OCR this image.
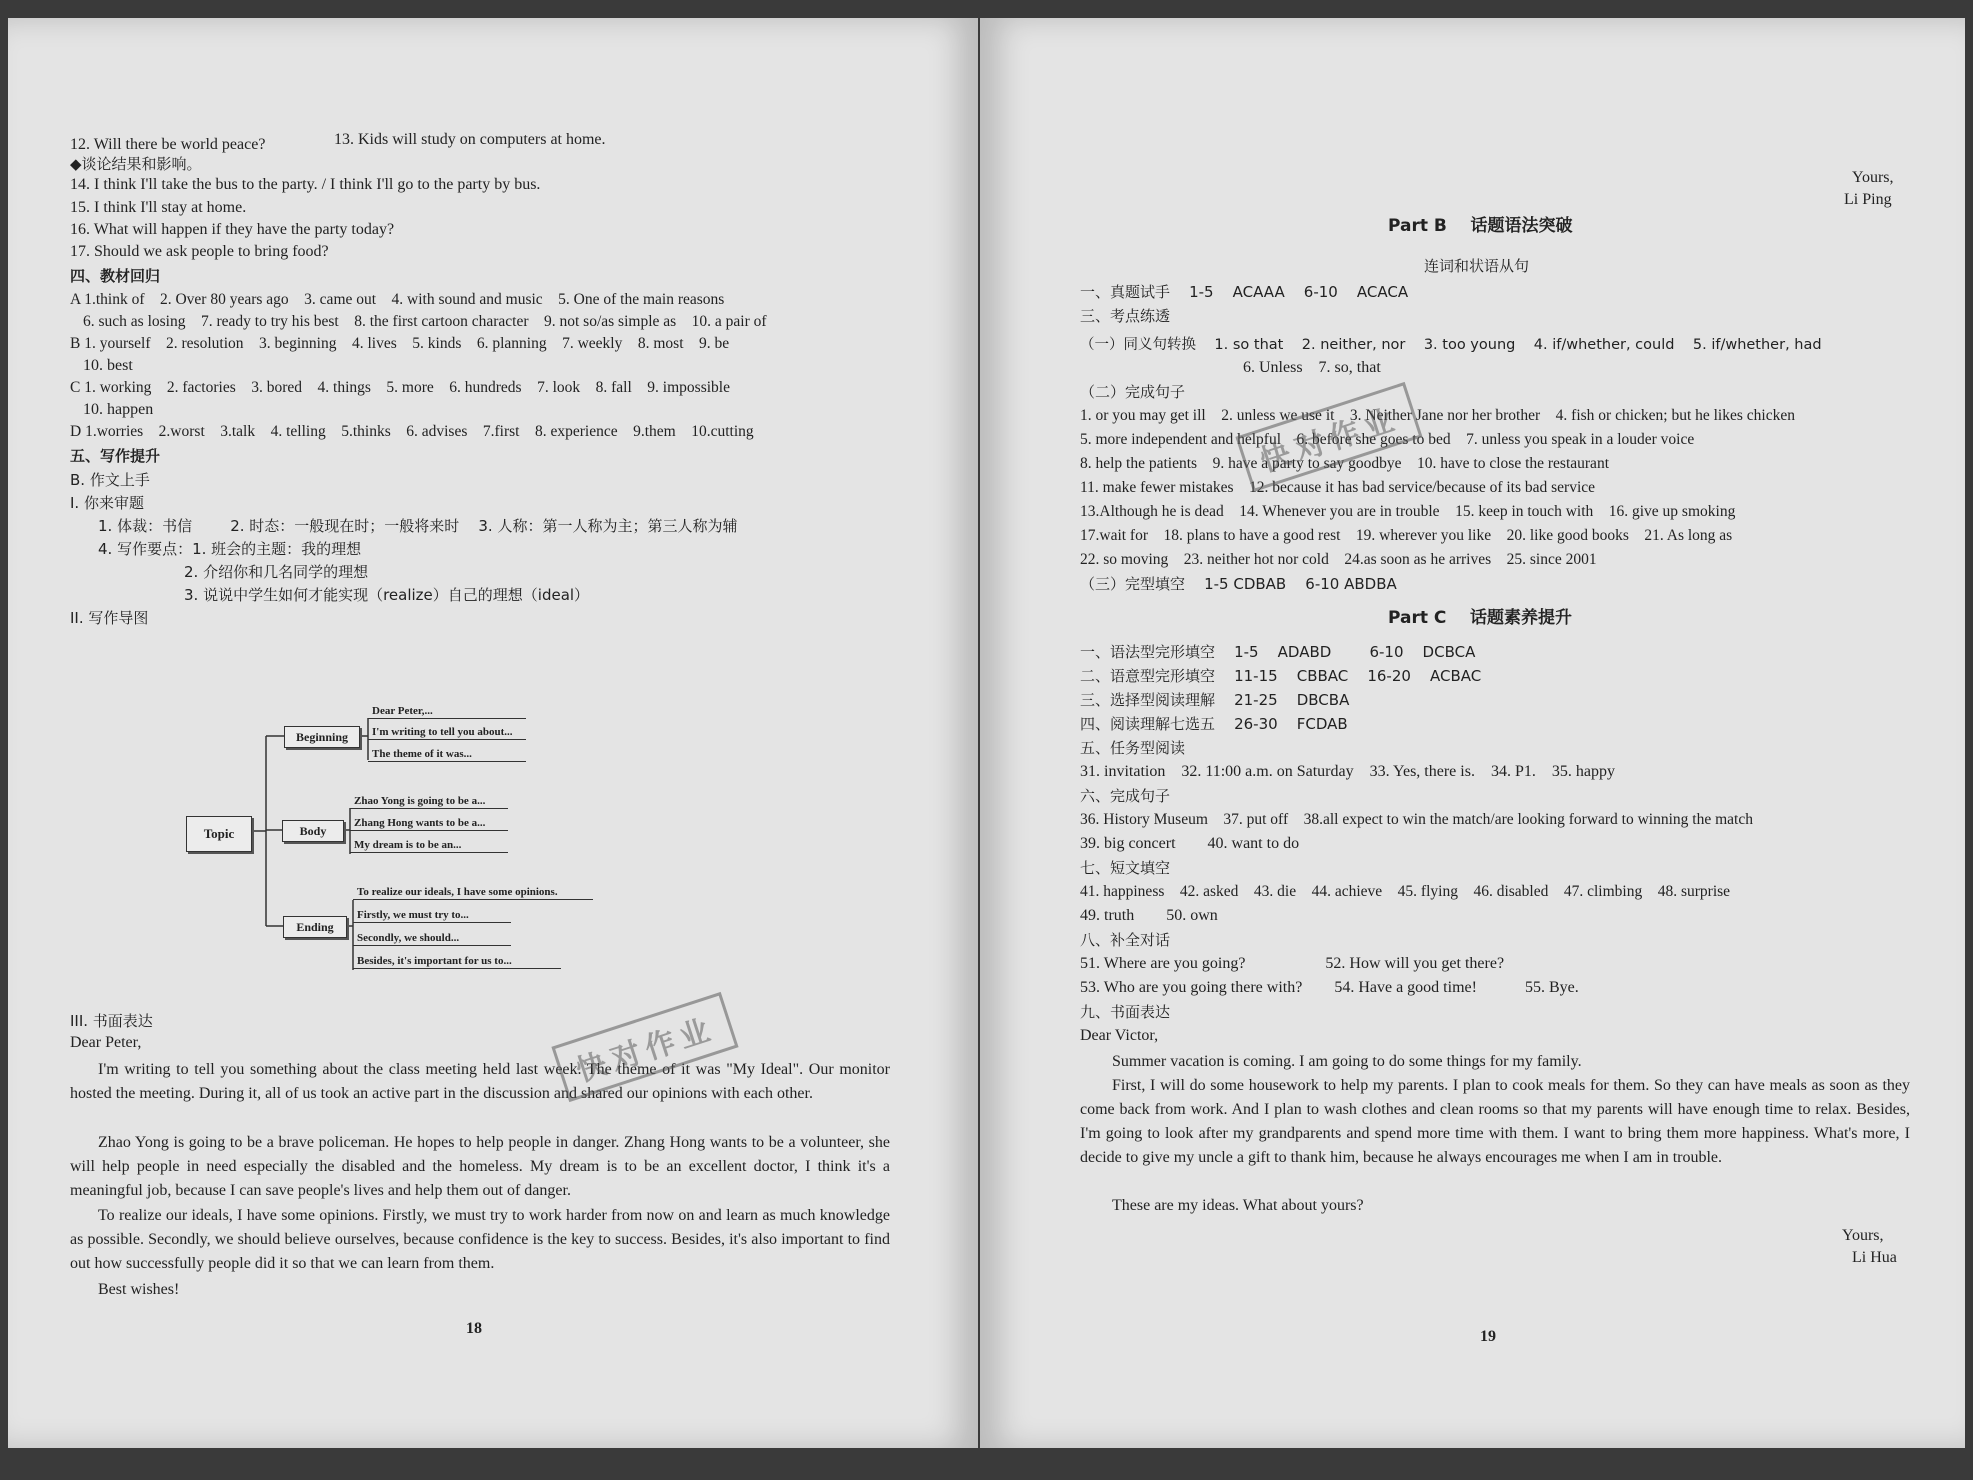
12. Will there be world peace?	13. Kids will study on computers at home.
◆谈论结果和影响。
14. I think I'll take the bus to the party. / I think I'll go to the party by bus.
15. I think I'll stay at home.
16. What will happen if they have the party today?
17. Should we ask people to bring food?
四、教材回归
A 1.think of    2. Over 80 years ago    3. came out    4. with sound and music    5. One of the main reasons
6. such as losing    7. ready to try his best    8. the first cartoon character    9. not so/as simple as    10. a pair of
B 1. yourself    2. resolution    3. beginning    4. lives    5. kinds    6. planning    7. weekly    8. most    9. be
10. best
C 1. working    2. factories    3. bored    4. things    5. more    6. hundreds    7. look    8. fall    9. impossible
10. happen
D 1.worries    2.worst    3.talk    4. telling    5.thinks    6. advises    7.first    8. experience    9.them    10.cutting
五、写作提升
B. 作文上手
I. 你来审题
1. 体裁：书信        2. 时态：一般现在时；一般将来时    3. 人称：第一人称为主；第三人称为辅
4. 写作要点：1. 班会的主题：我的理想
2. 介绍你和几名同学的理想
3. 说说中学生如何才能实现（realize）自己的理想（ideal）
II. 写作导图
Topic
Beginning
Body
Ending
Dear Peter,...
I'm writing to tell you about...
The theme of it was...
Zhao Yong is going to be a...
Zhang Hong wants to be a...
My dream is to be an...
To realize our ideals, I have some opinions.
Firstly, we must try to...
Secondly, we should...
Besides, it's important for us to...
III. 书面表达
Dear Peter,
I'm writing to tell you something about the class meeting held last week. The theme of it was "My Ideal". Our monitor hosted the meeting. During it, all of us took an active part in the discussion and shared our opinions with each other.
Zhao Yong is going to be a brave policeman. He hopes to help people in danger. Zhang Hong wants to be a volunteer, she will help people in need especially the disabled and the homeless. My dream is to be an excellent doctor, I think it's a meaningful job, because I can save people's lives and help them out of danger.
To realize our ideals, I have some opinions. Firstly, we must try to work harder from now on and learn as much knowledge as possible. Secondly, we should believe ourselves, because confidence is the key to success. Besides, it's also important to find out how successfully people did it so that we can learn from them.
Best wishes!
18
快对作业
Yours,
Li Ping
Part B    话题语法突破
连词和状语从句
一、真题试手    1-5    ACAAA    6-10    ACACA
三、考点练透
（一）同义句转换    1. so that    2. neither, nor    3. too young    4. if/whether, could    5. if/whether, had
6. Unless    7. so, that
（二）完成句子
1. or you may get ill    2. unless we use it    3. Neither Jane nor her brother    4. fish or chicken; but he likes chicken
5. more independent and helpful    6. before she goes to bed    7. unless you speak in a louder voice
8. help the patients    9. have a party to say goodbye    10. have to close the restaurant
11. make fewer mistakes    12. because it has bad service/because of its bad service
13.Although he is dead    14. Whenever you are in trouble    15. keep in touch with    16. give up smoking
17.wait for    18. plans to have a good rest    19. wherever you like    20. like good books    21. As long as
22. so moving    23. neither hot nor cold    24.as soon as he arrives    25. since 2001
（三）完型填空    1-5 CDBAB    6-10 ABDBA
Part C    话题素养提升
一、语法型完形填空    1-5    ADABD        6-10    DCBCA
二、语意型完形填空    11-15    CBBAC    16-20    ACBAC
三、选择型阅读理解    21-25    DBCBA
四、阅读理解七选五    26-30    FCDAB
五、任务型阅读
31. invitation    32. 11:00 a.m. on Saturday    33. Yes, there is.    34. P1.    35. happy
六、完成句子
36. History Museum    37. put off    38.all expect to win the match/are looking forward to winning the match
39. big concert        40. want to do
七、短文填空
41. happiness    42. asked    43. die    44. achieve    45. flying    46. disabled    47. climbing    48. surprise
49. truth        50. own
八、补全对话
51. Where are you going?                    52. How will you get there?
53. Who are you going there with?        54. Have a good time!            55. Bye.
九、书面表达
Dear Victor,
Summer vacation is coming. I am going to do some things for my family.
First, I will do some housework to help my parents. I plan to cook meals for them. So they can have meals as soon as they come back from work. And I plan to wash clothes and clean rooms so that my parents will have enough time to relax. Besides, I'm going to look after my grandparents and spend more time with them. I want to bring them more happiness. What's more, I decide to give my uncle a gift to thank him, because he always encourages me when I am in trouble.
These are my ideas. What about yours?
Yours,
Li Hua
19
快对作业
